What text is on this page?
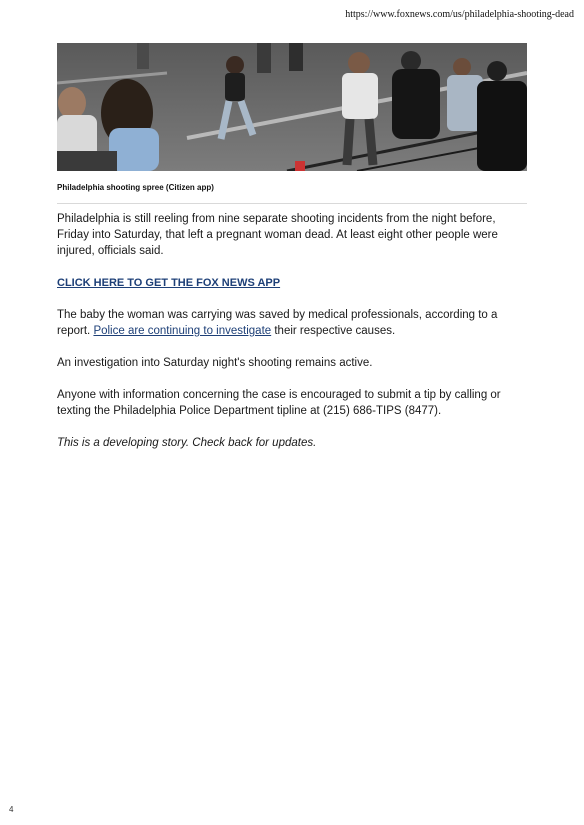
https://www.foxnews.com/us/philadelphia-shooting-dead
Philadelphia shooting spree (Citizen app)

Philadelphia is still reeling from nine separate shooting incidents from the night before, Friday into Saturday, that left a pregnant woman dead. At least eight other people were injured, officials said.

CLICK HERE TO GET THE FOX NEWS APP

The baby the woman was carrying was saved by medical professionals, according to a report. Police are continuing to investigate their respective causes.

An investigation into Saturday night's shooting remains active.

Anyone with information concerning the case is encouraged to submit a tip by calling or texting the Philadelphia Police Department tipline at (215) 686-TIPS (8477).

This is a developing story. Check back for updates.

4
